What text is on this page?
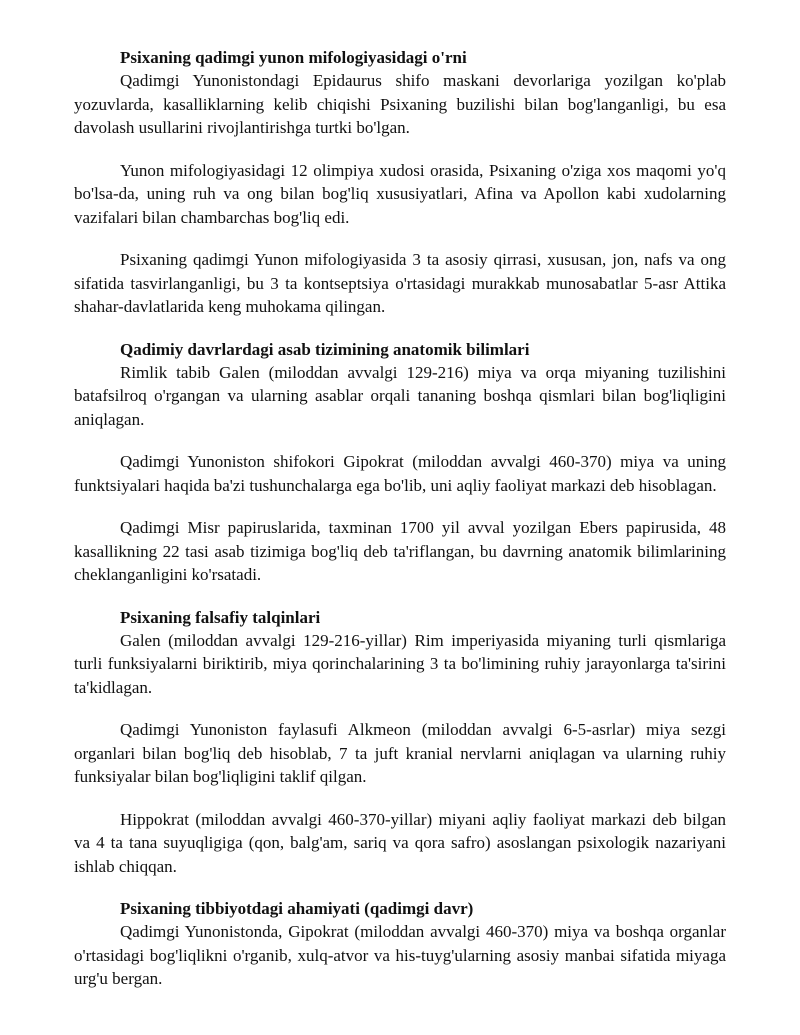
Psixaning qadimgi yunon mifologiyasidagi o'rni

Qadimgi Yunonistondagi Epidaurus shifo maskani devorlariga yozilgan ko'plab yozuvlarda, kasalliklarning kelib chiqishi Psixaning buzilishi bilan bog'langanligi, bu esa davolash usullarini rivojlantirishga turtki bo'lgan.

Yunon mifologiyasidagi 12 olimpiya xudosi orasida, Psixaning o'ziga xos maqomi yo'q bo'lsa-da, uning ruh va ong bilan bog'liq xususiyatlari, Afina va Apollon kabi xudolarning vazifalari bilan chambarchas bog'liq edi.

Psixaning qadimgi Yunon mifologiyasida 3 ta asosiy qirrasi, xususan, jon, nafs va ong sifatida tasvirlanganligi, bu 3 ta kontseptsiya o'rtasidagi murakkab munosabatlar 5-asr Attika shahar-davlatlarida keng muhokama qilingan.

Qadimiy davrlardagi asab tizimining anatomik bilimlari

Rimlik tabib Galen (miloddan avvalgi 129-216) miya va orqa miyaning tuzilishini batafsilroq o'rgangan va ularning asablar orqali tananing boshqa qismlari bilan bog'liqligini aniqlagan.

Qadimgi Yunoniston shifokori Gipokrat (miloddan avvalgi 460-370) miya va uning funktsiyalari haqida ba'zi tushunchalarga ega bo'lib, uni aqliy faoliyat markazi deb hisoblagan.

Qadimgi Misr papiruslarida, taxminan 1700 yil avval yozilgan Ebers papirusida, 48 kasallikning 22 tasi asab tizimiga bog'liq deb ta'riflangan, bu davrning anatomik bilimlarining cheklanganligini ko'rsatadi.

Psixaning falsafiy talqinlari

Galen (miloddan avvalgi 129-216-yillar) Rim imperiyasida miyaning turli qismlariga turli funksiyalarni biriktirib, miya qorinchalarining 3 ta bo'limining ruhiy jarayonlarga ta'sirini ta'kidlagan.

Qadimgi Yunoniston faylasufi Alkmeon (miloddan avvalgi 6-5-asrlar) miya sezgi organlari bilan bog'liq deb hisoblab, 7 ta juft kranial nervlarni aniqlagan va ularning ruhiy funksiyalar bilan bog'liqligini taklif qilgan.

Hippokrat (miloddan avvalgi 460-370-yillar) miyani aqliy faoliyat markazi deb bilgan va 4 ta tana suyuqligiga (qon, balg'am, sariq va qora safro) asoslangan psixologik nazariyani ishlab chiqqan.

Psixaning tibbiyotdagi ahamiyati (qadimgi davr)

Qadimgi Yunonistonda, Gipokrat (miloddan avvalgi 460-370) miya va boshqa organlar o'rtasidagi bog'liqlikni o'rganib, xulq-atvor va his-tuyg'ularning asosiy manbai sifatida miyaga urg'u bergan.
